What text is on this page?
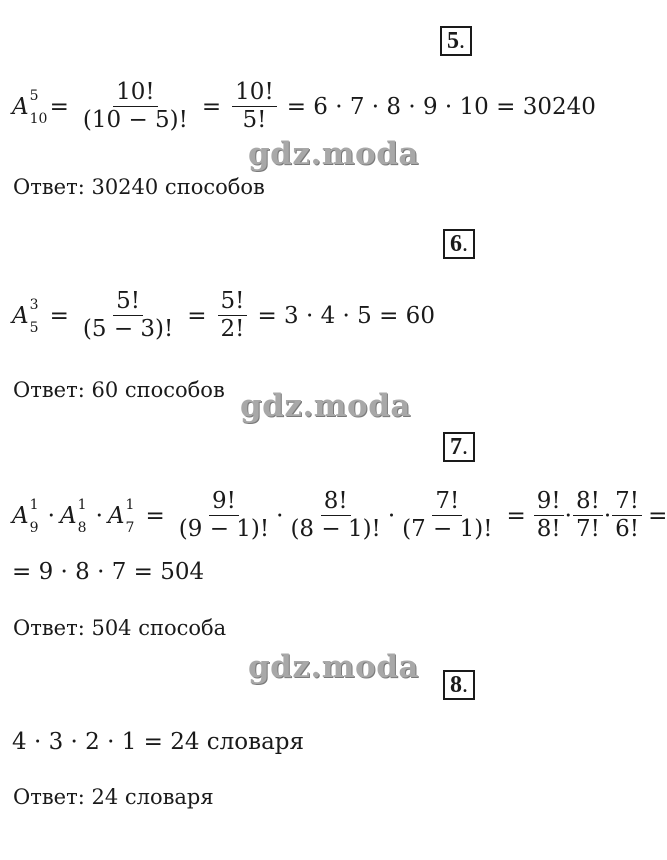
5.
A 5
$10 = \frac{10!}{(10 - 5)!} = \frac{10!}{5!} = 6 \cdot 7 \cdot 8 \cdot 9 \cdot 10 = 30240$
gdz.moda
Ответ: 30240 способов
6.
A 3
$5 = \frac{5!}{(5 - 3)!} = \frac{5!}{2!} = 3 \cdot 4 \cdot 5 = 60$
Ответ: 60 способов gdz.moda
7.
A 1
9 · A 1
8 · A 1
$7 = \frac{9!}{(9 - 1)!} \cdot \frac{8!}{(8 - 1)!} \cdot \frac{7!}{(7 - 1)!} = \frac{9!}{8!} \cdot \frac{8!}{7!} \cdot \frac{7!}{6!}$ =
= 9 · 8 · 7 = 504
Ответ: 504 способа
gdz.moda 8.
4 · 3 · 2 · 1 = 24 словаря
Ответ: 24 словаря
